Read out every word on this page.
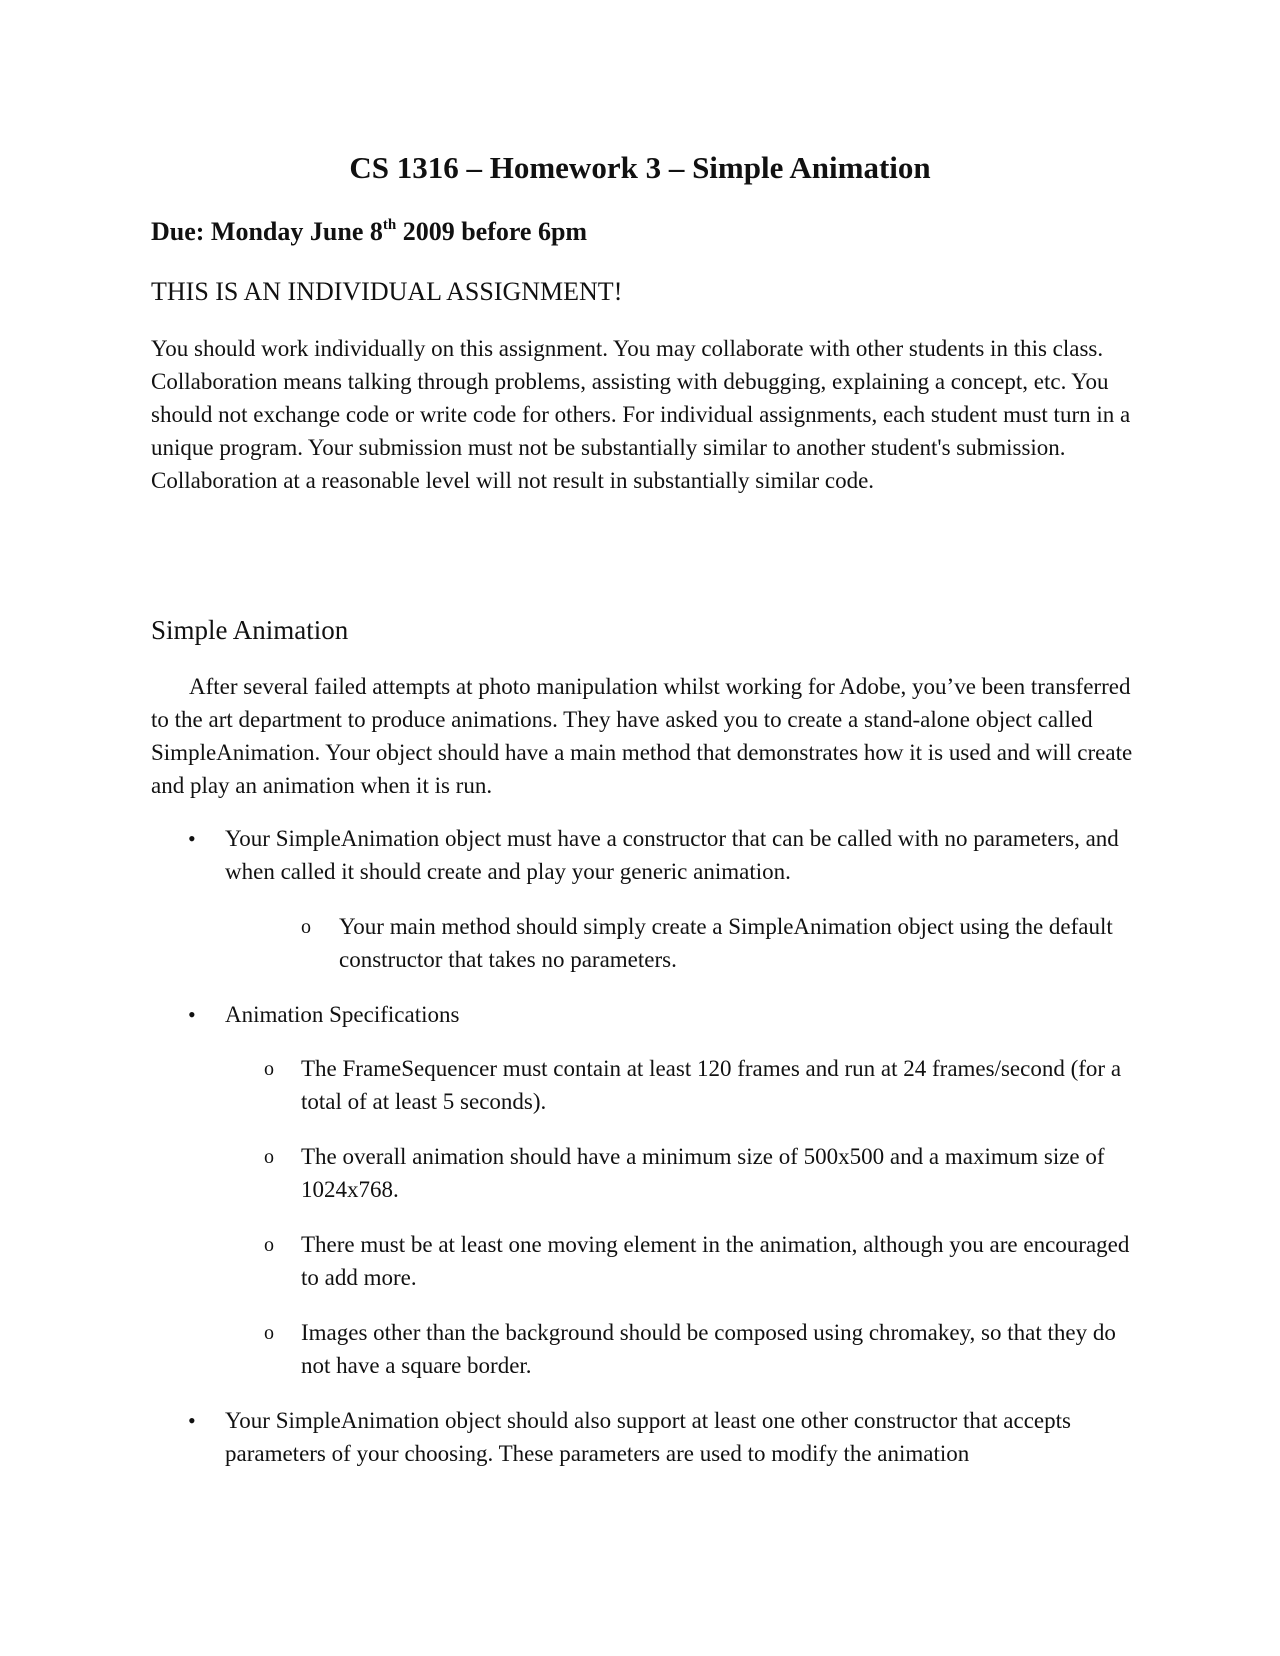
CS 1316 – Homework 3 – Simple Animation
Due: Monday June 8th 2009 before 6pm
THIS IS AN INDIVIDUAL ASSIGNMENT!

You should work individually on this assignment. You may collaborate with other students in this class. Collaboration means talking through problems, assisting with debugging, explaining a concept, etc. You should not exchange code or write code for others. For individual assignments, each student must turn in a unique program. Your submission must not be substantially similar to another student's submission. Collaboration at a reasonable level will not result in substantially similar code.

Simple Animation

After several failed attempts at photo manipulation whilst working for Adobe, you’ve been transferred to the art department to produce animations. They have asked you to create a stand-alone object called SimpleAnimation. Your object should have a main method that demonstrates how it is used and will create and play an animation when it is run.

• Your SimpleAnimation object must have a constructor that can be called with no parameters, and when called it should create and play your generic animation.
o Your main method should simply create a SimpleAnimation object using the default constructor that takes no parameters.
• Animation Specifications
o The FrameSequencer must contain at least 120 frames and run at 24 frames/second (for a total of at least 5 seconds).
o The overall animation should have a minimum size of 500x500 and a maximum size of 1024x768.
o There must be at least one moving element in the animation, although you are encouraged to add more.
o Images other than the background should be composed using chromakey, so that they do not have a square border.
• Your SimpleAnimation object should also support at least one other constructor that accepts parameters of your choosing. These parameters are used to modify the animation
